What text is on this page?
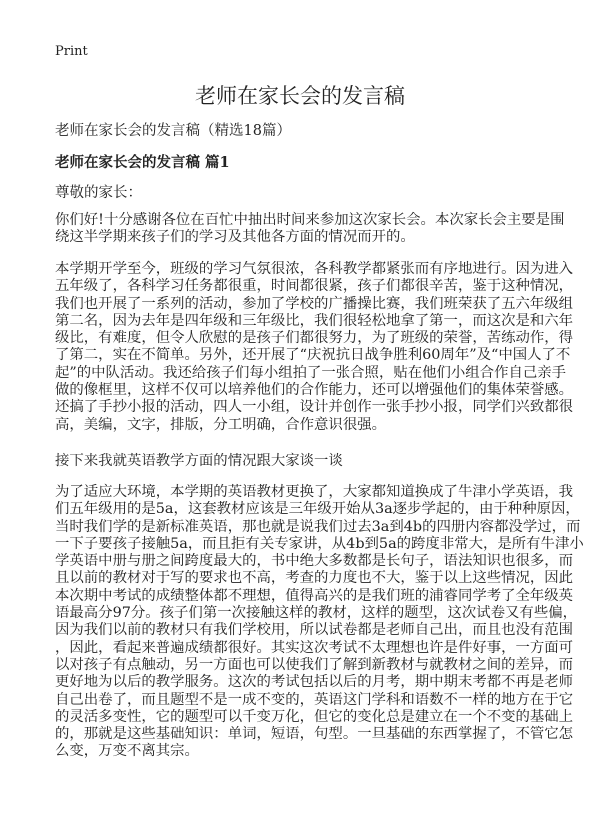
Print
老师在家长会的发言稿
老师在家长会的发言稿（精选18篇）
老师在家长会的发言稿 篇1
尊敬的家长：
你们好!十分感谢各位在百忙中抽出时间来参加这次家长会。本次家长会主要是围
绕这半学期来孩子们的学习及其他各方面的情况而开的。
本学期开学至今，班级的学习气氛很浓，各科教学都紧张而有序地进行。因为进入
五年级了，各科学习任务都很重，时间都很紧，孩子们都很辛苦，鉴于这种情况，
我们也开展了一系列的活动，参加了学校的广播操比赛，我们班荣获了五六年级组
第二名，因为去年是四年级和三年级比，我们很轻松地拿了第一，而这次是和六年
级比，有难度，但令人欣慰的是孩子们都很努力，为了班级的荣誉，苦练动作，得
了第二，实在不简单。另外，还开展了“庆祝抗日战争胜利60周年”及“中国人了不
起”的中队活动。我还给孩子们每小组拍了一张合照，贴在他们小组合作自己亲手
做的像框里，这样不仅可以培养他们的合作能力，还可以增强他们的集体荣誉感。
还搞了手抄小报的活动，四人一小组，设计并创作一张手抄小报，同学们兴致都很
高，美编，文字，排版，分工明确，合作意识很强。
接下来我就英语教学方面的情况跟大家谈一谈
为了适应大环境，本学期的英语教材更换了，大家都知道换成了牛津小学英语，我
们五年级用的是5a，这套教材应该是三年级开始从3a逐步学起的，由于种种原因，
当时我们学的是新标准英语，那也就是说我们过去3a到4b的四册内容都没学过，而
一下子要孩子接触5a，而且拒有关专家讲，从4b到5a的跨度非常大，是所有牛津小
学英语中册与册之间跨度最大的，书中绝大多数都是长句子，语法知识也很多，而
且以前的教材对于写的要求也不高，考查的力度也不大，鉴于以上这些情况，因此
本次期中考试的成绩整体都不理想，值得高兴的是我们班的浦睿同学考了全年级英
语最高分97分。孩子们第一次接触这样的教材，这样的题型，这次试卷又有些偏，
因为我们以前的教材只有我们学校用，所以试卷都是老师自己出，而且也没有范围
，因此，看起来普遍成绩都很好。其实这次考试不太理想也许是件好事，一方面可
以对孩子有点触动，另一方面也可以使我们了解到新教材与就教材之间的差异，而
更好地为以后的教学服务。这次的考试包括以后的月考，期中期末考都不再是老师
自己出卷了，而且题型不是一成不变的，英语这门学科和语数不一样的地方在于它
的灵活多变性，它的题型可以千变万化，但它的变化总是建立在一个不变的基础上
的，那就是这些基础知识：单词，短语，句型。一旦基础的东西掌握了，不管它怎
么变，万变不离其宗。
